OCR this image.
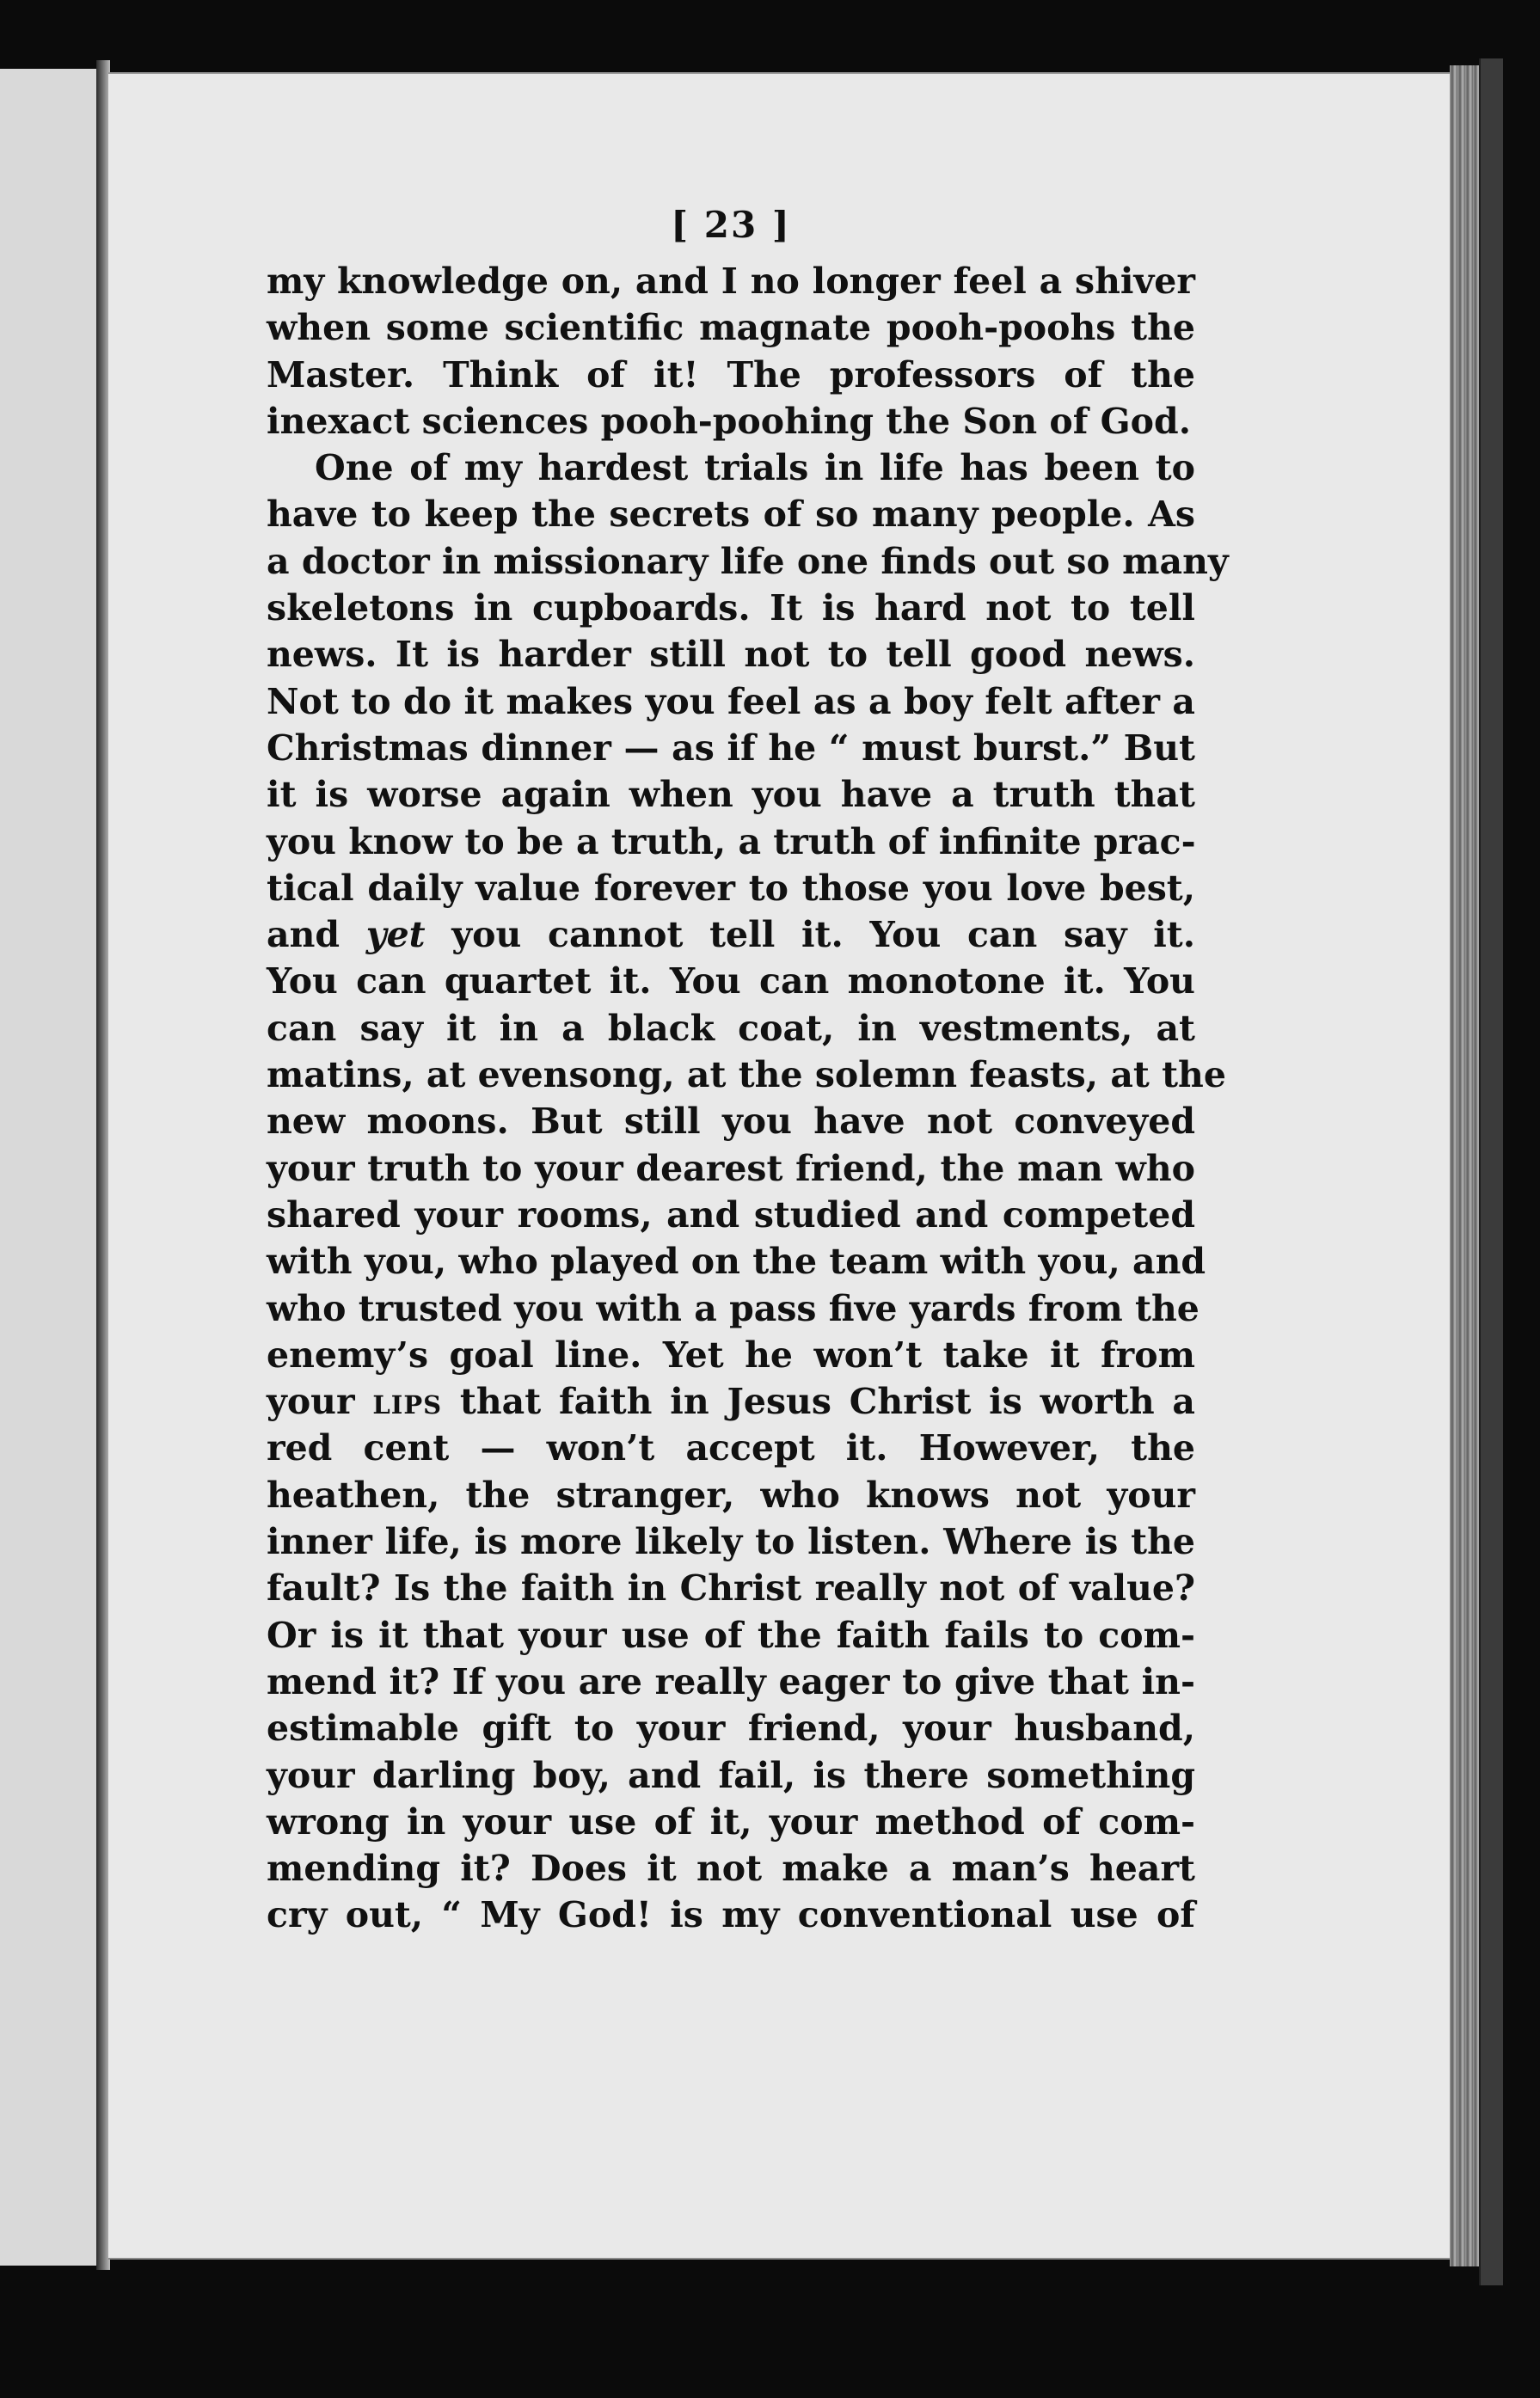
[ 23 ]
my knowledge on, and I no longer feel a shiver
when some scientific magnate pooh-poohs the
Master. Think of it! The professors of the
inexact sciences pooh-poohing the Son of God.
One of my hardest trials in life has been to
have to keep the secrets of so many people. As
a doctor in missionary life one finds out so many
skeletons in cupboards. It is hard not to tell
news. It is harder still not to tell good news.
Not to do it makes you feel as a boy felt after a
Christmas dinner — as if he “ must burst.” But
it is worse again when you have a truth that
you know to be a truth, a truth of infinite prac-
tical daily value forever to those you love best,
and yet you cannot tell it. You can say it.
You can quartet it. You can monotone it. You
can say it in a black coat, in vestments, at
matins, at evensong, at the solemn feasts, at the
new moons. But still you have not conveyed
your truth to your dearest friend, the man who
shared your rooms, and studied and competed
with you, who played on the team with you, and
who trusted you with a pass five yards from the
enemy’s goal line. Yet he won’t take it from
your lips that faith in Jesus Christ is worth a
red cent — won’t accept it. However, the
heathen, the stranger, who knows not your
inner life, is more likely to listen. Where is the
fault? Is the faith in Christ really not of value?
Or is it that your use of the faith fails to com-
mend it? If you are really eager to give that in-
estimable gift to your friend, your husband,
your darling boy, and fail, is there something
wrong in your use of it, your method of com-
mending it? Does it not make a man’s heart
cry out, “ My God! is my conventional use of
